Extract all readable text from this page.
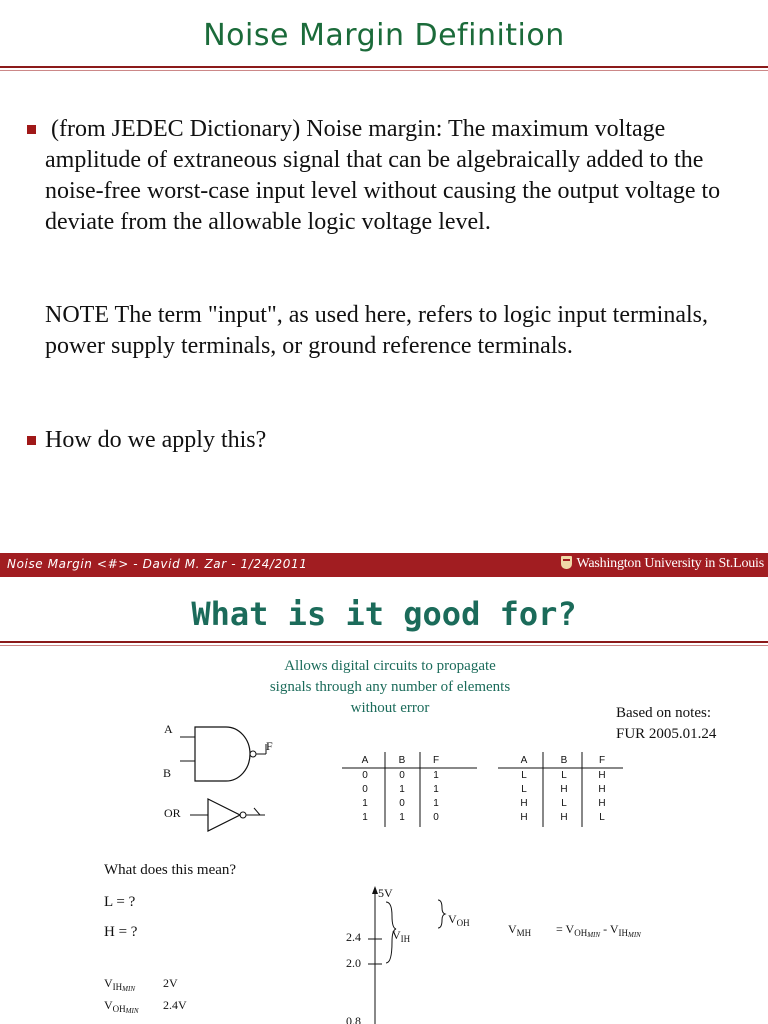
Noise Margin Definition
(from JEDEC Dictionary) Noise margin: The maximum voltage amplitude of extraneous signal that can be algebraically added to the noise-free worst-case input level without causing the output voltage to deviate from the allowable logic voltage level.
NOTE The term "input", as used here, refers to logic input terminals, power supply terminals, or ground reference terminals.
How do we apply this?
Noise Margin <#> - David M. Zar - 1/24/2011	Washington University in St.Louis
What is it good for?
Allows digital circuits to propagate
signals through any number of elements
without error	Based on notes:
FUR 2005.01.24
A
B
F
OR
A	B	F
0	0	1
0	1	1
1	0	1
1	1	0
A	B	F
L	L	H
L	H	H
H	L	H
H	H	L
What does this mean?
L = ?
H = ?
5V
2.4
2.0
0.8
$V_{IH}$
$V_{OH}$	$V_{MH} = V_{OHMIN} - V_{IHMIN}$
$V_{IHMIN}$ 2V
$V_{OHMIN}$ 2.4V
